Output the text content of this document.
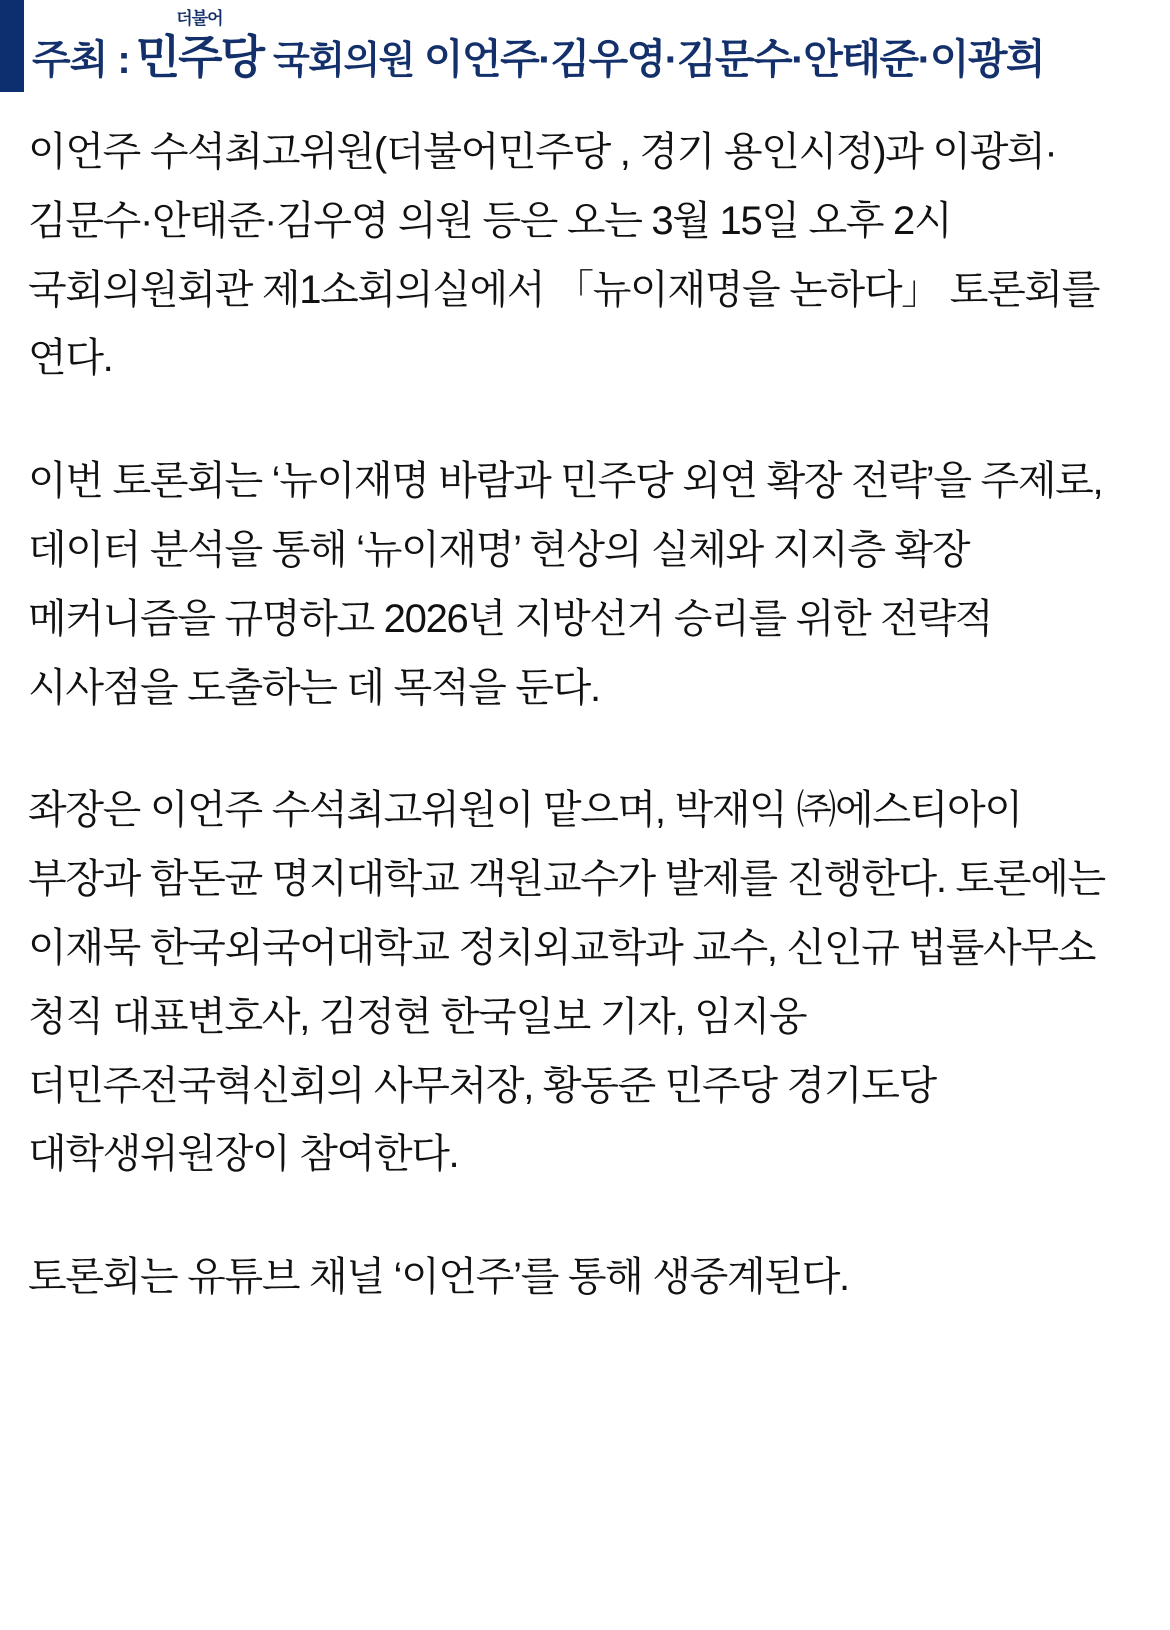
주최 :
더불어
민주당 국회의원 이언주·김우영·김문수·안태준·이광희

이언주 수석최고위원(더불어민주당 , 경기 용인시정)과 이광희·김문수·안태준·김우영 의원 등은 오는 3월 15일 오후 2시 국회의원회관 제1소회의실에서 「뉴이재명을 논하다」 토론회를 연다.

이번 토론회는 ‘뉴이재명 바람과 민주당 외연 확장 전략’을 주제로, 데이터 분석을 통해 ‘뉴이재명’ 현상의 실체와 지지층 확장 메커니즘을 규명하고 2026년 지방선거 승리를 위한 전략적 시사점을 도출하는 데 목적을 둔다.

좌장은 이언주 수석최고위원이 맡으며, 박재익 ㈜에스티아이 부장과 함돈균 명지대학교 객원교수가 발제를 진행한다. 토론에는 이재묵 한국외국어대학교 정치외교학과 교수, 신인규 법률사무소 청직 대표변호사, 김정현 한국일보 기자, 임지웅 더민주전국혁신회의 사무처장, 황동준 민주당 경기도당 대학생위원장이 참여한다.

토론회는 유튜브 채널 ‘이언주’를 통해 생중계된다.
